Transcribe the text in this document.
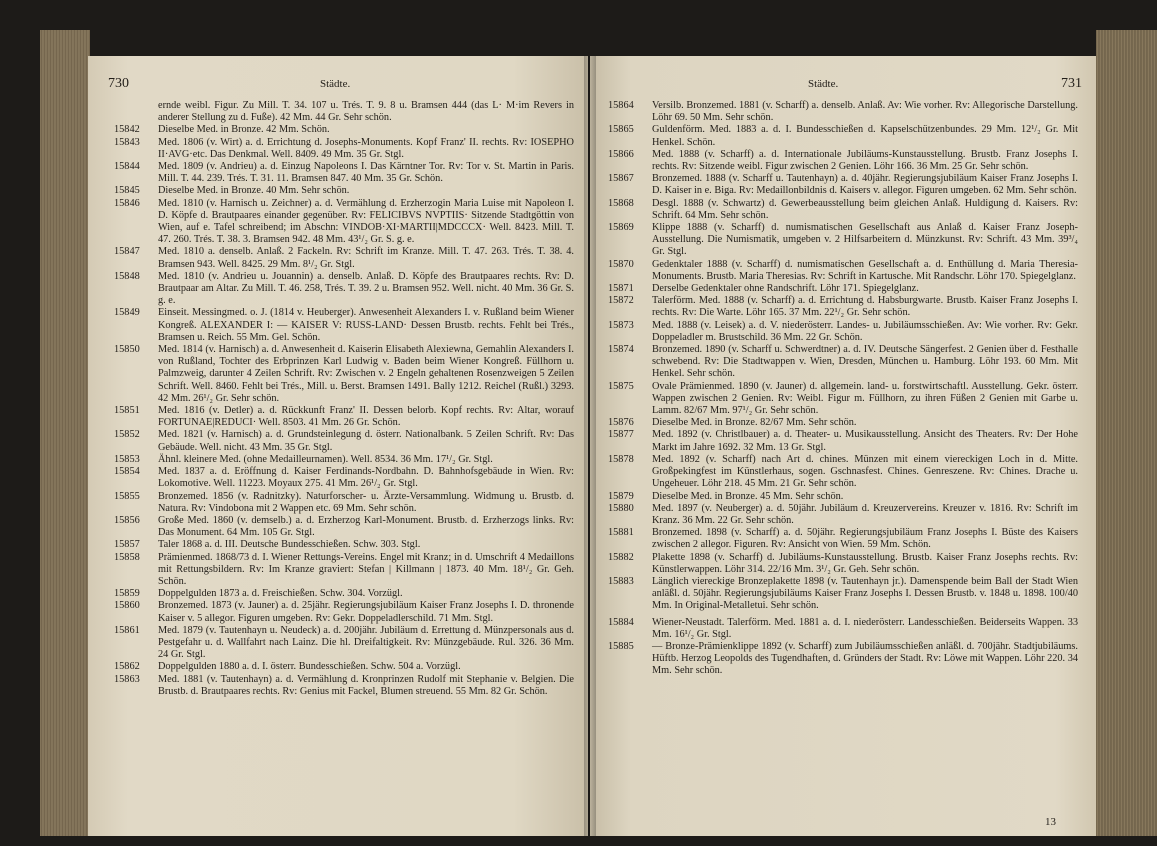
730	Städte.
ernde weibl. Figur. Zu Mill. T. 34. 107 u. Trés. T. 9. 8 u. Bramsen 444 (das L· M·im Revers in anderer Stellung zu d. Fuße). 42 Mm. 44 Gr. Sehr schön.
15842	Dieselbe Med. in Bronze. 42 Mm. Schön.
15843	Med. 1806 (v. Wirt) a. d. Errichtung d. Josephs-Monuments. Kopf Franz' II. rechts. Rv: IOSEPHO II·AVG·etc. Das Denkmal. Well. 8409. 49 Mm. 35 Gr. Stgl.
15844	Med. 1809 (v. Andrieu) a. d. Einzug Napoleons I. Das Kärntner Tor. Rv: Tor v. St. Martin in Paris. Mill. T. 44. 239. Trés. T. 31. 11. Bramsen 847. 40 Mm. 35 Gr. Schön.
15845	Dieselbe Med. in Bronze. 40 Mm. Sehr schön.
15846	Med. 1810 (v. Harnisch u. Zeichner) a. d. Vermählung d. Erzherzogin Maria Luise mit Napoleon I. D. Köpfe d. Brautpaares einander gegenüber. Rv: FELICIBVS NVPTIIS· Sitzende Stadtgöttin von Wien, auf e. Tafel schreibend; im Abschn: VINDOB·XI·MARTII|MDCCCX· Well. 8423. Mill. T. 47. 260. Trés. T. 38. 3. Bramsen 942. 48 Mm. 43¹/₂ Gr. S. g. e.
15847	Med. 1810 a. denselb. Anlaß. 2 Fackeln. Rv: Schrift im Kranze. Mill. T. 47. 263. Trés. T. 38. 4. Bramsen 943. Well. 8425. 29 Mm. 8¹/₂ Gr. Stgl.
15848	Med. 1810 (v. Andrieu u. Jouannin) a. denselb. Anlaß. D. Köpfe des Brautpaares rechts. Rv: D. Brautpaar am Altar. Zu Mill. T. 46. 258, Trés. T. 39. 2 u. Bramsen 952. Well. nicht. 40 Mm. 36 Gr. S. g. e.
15849	Einseit. Messingmed. o. J. (1814 v. Heuberger). Anwesenheit Alexanders I. v. Rußland beim Wiener Kongreß. ALEXANDER I: — KAISER V: RUSS-LAND· Dessen Brustb. rechts. Fehlt bei Trés., Bramsen u. Reich. 55 Mm. Gel. Schön.
15850	Med. 1814 (v. Harnisch) a. d. Anwesenheit d. Kaiserin Elisabeth Alexiewna, Gemahlin Alexanders I. von Rußland, Tochter des Erbprinzen Karl Ludwig v. Baden beim Wiener Kongreß. Füllhorn u. Palmzweig, darunter 4 Zeilen Schrift. Rv: Zwischen v. 2 Engeln gehaltenen Rosenzweigen 5 Zeilen Schrift. Well. 8460. Fehlt bei Trés., Mill. u. Berst. Bramsen 1491. Bally 1212. Reichel (Rußl.) 3293. 42 Mm. 26¹/₂ Gr. Sehr schön.
15851	Med. 1816 (v. Detler) a. d. Rückkunft Franz' II. Dessen belorb. Kopf rechts. Rv: Altar, worauf FORTUNAE|REDUCI· Well. 8503. 41 Mm. 26 Gr. Schön.
15852	Med. 1821 (v. Harnisch) a. d. Grundsteinlegung d. österr. Nationalbank. 5 Zeilen Schrift. Rv: Das Gebäude. Well. nicht. 43 Mm. 35 Gr. Stgl.
15853	Ähnl. kleinere Med. (ohne Medailleurnamen). Well. 8534. 36 Mm. 17¹/₂ Gr. Stgl.
15854	Med. 1837 a. d. Eröffnung d. Kaiser Ferdinands-Nordbahn. D. Bahnhofsgebäude in Wien. Rv: Lokomotive. Well. 11223. Moyaux 275. 41 Mm. 26¹/₂ Gr. Stgl.
15855	Bronzemed. 1856 (v. Radnitzky). Naturforscher- u. Ärzte-Versammlung. Widmung u. Brustb. d. Natura. Rv: Vindobona mit 2 Wappen etc. 69 Mm. Sehr schön.
15856	Große Med. 1860 (v. demselb.) a. d. Erzherzog Karl-Monument. Brustb. d. Erzherzogs links. Rv: Das Monument. 64 Mm. 105 Gr. Stgl.
15857	Taler 1868 a. d. III. Deutsche Bundesschießen. Schw. 303. Stgl.
15858	Prämienmed. 1868/73 d. I. Wiener Rettungs-Vereins. Engel mit Kranz; in d. Umschrift 4 Medaillons mit Rettungsbildern. Rv: Im Kranze graviert: Stefan | Killmann | 1873. 40 Mm. 18¹/₂ Gr. Geh. Schön.
15859	Doppelgulden 1873 a. d. Freischießen. Schw. 304. Vorzügl.
15860	Bronzemed. 1873 (v. Jauner) a. d. 25jähr. Regierungsjubiläum Kaiser Franz Josephs I. D. thronende Kaiser v. 5 allegor. Figuren umgeben. Rv: Gekr. Doppeladlerschild. 71 Mm. Stgl.
15861	Med. 1879 (v. Tautenhayn u. Neudeck) a. d. 200jähr. Jubiläum d. Errettung d. Münzpersonals aus d. Pestgefahr u. d. Wallfahrt nach Lainz. Die hl. Dreifaltigkeit. Rv: Münzgebäude. Rul. 326. 36 Mm. 24 Gr. Stgl.
15862	Doppelgulden 1880 a. d. I. österr. Bundesschießen. Schw. 504 a. Vorzügl.
15863	Med. 1881 (v. Tautenhayn) a. d. Vermählung d. Kronprinzen Rudolf mit Stephanie v. Belgien. Die Brustb. d. Brautpaares rechts. Rv: Genius mit Fackel, Blumen streuend. 55 Mm. 82 Gr. Schön.
Städte.	731
15864	Versilb. Bronzemed. 1881 (v. Scharff) a. denselb. Anlaß. Av: Wie vorher. Rv: Allegorische Darstellung. Löhr 69. 50 Mm. Sehr schön.
15865	Guldenförm. Med. 1883 a. d. I. Bundesschießen d. Kapselschützenbundes. 29 Mm. 12¹/₂ Gr. Mit Henkel. Schön.
15866	Med. 1888 (v. Scharff) a. d. Internationale Jubiläums-Kunstausstellung. Brustb. Franz Josephs I. rechts. Rv: Sitzende weibl. Figur zwischen 2 Genien. Löhr 166. 36 Mm. 25 Gr. Sehr schön.
15867	Bronzemed. 1888 (v. Scharff u. Tautenhayn) a. d. 40jähr. Regierungsjubiläum Kaiser Franz Josephs I. D. Kaiser in e. Biga. Rv: Medaillonbildnis d. Kaisers v. allegor. Figuren umgeben. 62 Mm. Sehr schön.
15868	Desgl. 1888 (v. Schwartz) d. Gewerbeausstellung beim gleichen Anlaß. Huldigung d. Kaisers. Rv: Schrift. 64 Mm. Sehr schön.
15869	Klippe 1888 (v. Scharff) d. numismatischen Gesellschaft aus Anlaß d. Kaiser Franz Joseph-Ausstellung. Die Numismatik, umgeben v. 2 Hilfsarbeitern d. Münzkunst. Rv: Schrift. 43 Mm. 39³/₄ Gr. Stgl.
15870	Gedenktaler 1888 (v. Scharff) d. numismatischen Gesellschaft a. d. Enthüllung d. Maria Theresia-Monuments. Brustb. Maria Theresias. Rv: Schrift in Kartusche. Mit Randschr. Löhr 170. Spiegelglanz.
15871	Derselbe Gedenktaler ohne Randschrift. Löhr 171. Spiegelglanz.
15872	Talerförm. Med. 1888 (v. Scharff) a. d. Errichtung d. Habsburgwarte. Brustb. Kaiser Franz Josephs I. rechts. Rv: Die Warte. Löhr 165. 37 Mm. 22¹/₂ Gr. Sehr schön.
15873	Med. 1888 (v. Leisek) a. d. V. niederösterr. Landes- u. Jubiläumsschießen. Av: Wie vorher. Rv: Gekr. Doppeladler m. Brustschild. 36 Mm. 22 Gr. Schön.
15874	Bronzemed. 1890 (v. Scharff u. Schwerdtner) a. d. IV. Deutsche Sängerfest. 2 Genien über d. Festhalle schwebend. Rv: Die Stadtwappen v. Wien, Dresden, München u. Hamburg. Löhr 193. 60 Mm. Mit Henkel. Sehr schön.
15875	Ovale Prämienmed. 1890 (v. Jauner) d. allgemein. land- u. forstwirtschaftl. Ausstellung. Gekr. österr. Wappen zwischen 2 Genien. Rv: Weibl. Figur m. Füllhorn, zu ihren Füßen 2 Genien mit Garbe u. Lamm. 82/67 Mm. 97¹/₂ Gr. Sehr schön.
15876	Dieselbe Med. in Bronze. 82/67 Mm. Sehr schön.
15877	Med. 1892 (v. Christlbauer) a. d. Theater- u. Musikausstellung. Ansicht des Theaters. Rv: Der Hohe Markt im Jahre 1692. 32 Mm. 13 Gr. Stgl.
15878	Med. 1892 (v. Scharff) nach Art d. chines. Münzen mit einem viereckigen Loch in d. Mitte. Großpekingfest im Künstlerhaus, sogen. Gschnasfest. Chines. Genreszene. Rv: Chines. Drache u. Ungeheuer. Löhr 218. 45 Mm. 21 Gr. Sehr schön.
15879	Dieselbe Med. in Bronze. 45 Mm. Sehr schön.
15880	Med. 1897 (v. Neuberger) a. d. 50jähr. Jubiläum d. Kreuzervereins. Kreuzer v. 1816. Rv: Schrift im Kranz. 36 Mm. 22 Gr. Sehr schön.
15881	Bronzemed. 1898 (v. Scharff) a. d. 50jähr. Regierungsjubiläum Franz Josephs I. Büste des Kaisers zwischen 2 allegor. Figuren. Rv: Ansicht von Wien. 59 Mm. Schön.
15882	Plakette 1898 (v. Scharff) d. Jubiläums-Kunstausstellung. Brustb. Kaiser Franz Josephs rechts. Rv: Künstlerwappen. Löhr 314. 22/16 Mm. 3¹/₂ Gr. Geh. Sehr schön.
15883	Länglich viereckige Bronzeplakette 1898 (v. Tautenhayn jr.). Damenspende beim Ball der Stadt Wien anläßl. d. 50jähr. Regierungsjubiläums Kaiser Franz Josephs I. Dessen Brustb. v. 1848 u. 1898. 100/40 Mm. In Original-Metalletui. Sehr schön.
15884	Wiener-Neustadt. Talerförm. Med. 1881 a. d. I. niederösterr. Landesschießen. Beiderseits Wappen. 33 Mm. 16¹/₂ Gr. Stgl.
15885	— Bronze-Prämienklippe 1892 (v. Scharff) zum Jubiläumsschießen anläßl. d. 700jähr. Stadtjubiläums. Hüftb. Herzog Leopolds des Tugendhaften, d. Gründers der Stadt. Rv: Löwe mit Wappen. Löhr 220. 34 Mm. Sehr schön.
13
